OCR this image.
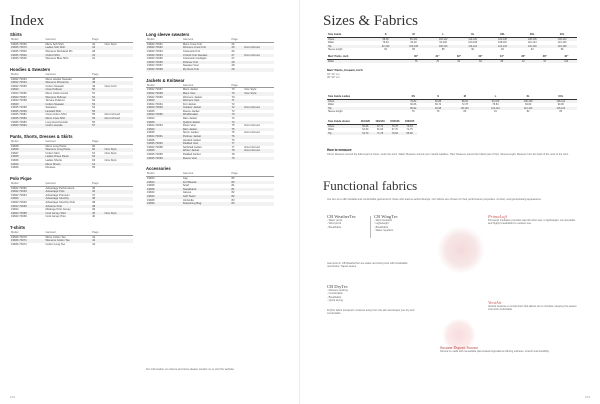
Index
Shirts
Model	Garment	Page	
19845 70060	Mens Soft Shirt	32	New Style
19845 70070	Ladies Soft Shirt	32	
19845 70500	Womens Rockland Mn	28	
19845 70520	Oxford Shirt	31	
19845 70530	Womens Blue Shirt	31	
Hoodies & Sweaters
Model	Garment	Page	
19842 70063	Mens Hoodie Sweater	48	
19842 70064	Womens Kitmanica	48	
19842 70065	Cotton Sweater	49	New Color
19843	Crew Pullover	50	
19843 70066	Mens Cotton Hood	51	
19843 70067	Womens Pullover	52	
19843 70068	Terrace Pullover	52	
19843	Cotton Sweater	53	
19845 70068	Sweaters	54	
19845 70069	Hooded Shirt	55	
19845 70681	Crew Cotton Shirt	55	Discontinued
19845 70682	Mens Crew Shirt	56	Discontinued
19845 70683	Long Hood Hoodie	56	
19843 70693	Cotton Hoodie	57	
Pants, Shorts, Dresses & Skirts
Model	Garment	Page	
19848	Mens Long Pants	60	
19849	Womens Long Pants	60	New Style
19847	Cotton Skirt	61	New Style
19845	Ladies Dress Pants	62	
19846	Ladies Shorts	63	New Style
19843	Mens Shorts	64	
19846	Dresses	65	
Polo Pique
Model	Garment	Page	
19842 70062	Advantage Performance	36	
19842 70063	Advantage Polo	36	
19842 70064	Advantage Premium	37	
19843	Advantage Stretchy	38	
19843 70063	Advantage Stretchy Polo	38	
19843 70065	Advance Polo	38	
19844	Melange Polo Jersey	39	
19843 70068	Cool Jersey Shirt	40	New Style
19843 70069	Cool Jersey Polo	40	
T-shirts
Model	Garment	Page	
19846 70070	Mens Cotton Tee	42	
19846 70071	Womens Cotton Tee	42	
19846 70072	Cotton Long Tee	42	
Long sleeve sweaters
Model	Garment	Page	
19840 70061	Mens Crew Knit	26	
19840 70062	Womens Crew Knit	26	Discontinued
19840 70063	Crewneck Knit	26	
19840 70064	V-Neck Knit Sweater	27	Discontinued
19840 70065	Crewneck Cardigan	27	
19840 70066	Pullover Knit	28	
19840 70067	Sweater Vest	28	
19840 70068	Zip Neck Knit	28	
Jackets & Knitwear
Model	Garment	Page	
19842 70067	Mens Jacket	70	New Style
19842 70068	Mens Vest	70	New Style
19842 70069	Womens Jacket	70	
19843	Womens Vest	71	
19844 70064	Knit Jacket	72	
19843 70063	Outdoor Jacket	72	Discontinued
19845	Fleece Jacket	73	
19843 70066	Windbreaker	73	
19844	Rain Jacket	74	
19845	Quilted Jacket	74	
19844 70063	Down Vest	75	Discontinued
19843	Rain Jacket	75	
19845	Storm Jacket	76	Discontinued
19844 70061	Pullover Jacket	76	
19846	Hooded Jacket	76	
19845 70063	Padded Vest	77	
19843 70068	Softshell Jacket	77	Discontinued
19845	Winter Jacket	78	Discontinued
19846 70065	Padded Jacket	78	
19845 70069	Fleece Vest	79	
Accessories
Model	Garment	Page	
19843	Cap	80	
19844	Knit Beanie	80	
19845	Scarf	81	
19846	Sweatband	81	
19843	Gloves	82	
19844	Golf Towel	82	
19845	Umbrella	83	
19846	Drawstring Bag	83	
For information on colours and sizes please contact us or visit the website.
102
Sizes & Fabrics
Size Guide	S	M	L	XL	XXL	3XL	4XL
Chest	88-96	96-104	104-112	112-120	120-128	128-136	136-144
Waist	76-84	84-92	92-100	100-108	108-116	116-124	124-132
Hip	92-100	100-108	108-116	116-124	124-132	132-140	140-148
Sleeve length	84	86	88	90	92	94	96
Men' Pants, inch	30"	31"	32"	33"	34"	36"	38"	40"
Waist	76	79	81	84	86	91	97	102
Men' Pants, Inseam, inch
32" 34" cm
30" 32" cm
Size Guide Ladies	XS	S	M	L	XL	XXL
Chest	76-82	82-88	88-94	94-100	100-106	106-112
Waist	60-66	66-72	72-78	78-84	84-90	90-96
Hip	86-92	92-98	98-104	104-110	110-116	116-122
Sleeve length	78	79	80	81	82	83
Size Guide Junior	110/120	130/140	150/160	160/165
Chest	60-66	67-74	75-78	79-83
Waist	54-60	61-66	67-70	71-75
Hip	64-70	71-78	79-84	85-90
How to measure
Chest: Measure around the fullest part of chest, under the arms. Waist: Measure around your natural waistline. Hips: Measure around the fullest part of hips. Sleeve length: Measure from the back of the neck to the wrist.
Functional fabrics
Our aim is to offer durable and comfortable garments for those who lead an active lifestyle. Our fabrics are chosen for their performance properties, comfort, and good-looking appearance.
CB WeatherTec
- Water proof
- Wind proof
- Breathable
CB WingTec
- Wind resistant
- Lightweight
- Breathable
- Water repellent
Garments in CB WeatherTec are water and wind proof with breathable membrane. Taped seams.
CB DryTec
- Moisture wicking
- Comfortable
- Breathable
- Quick drying
DryTec fabric transports moisture away from the skin and keeps you dry and comfortable.
PrimaLoft
PrimaLoft insulation provides warmth when wet, is lightweight, compressible and highly breathable for outdoor use.
VentAir
VentAir features a construction that allows air to circulate, keeping the wearer cool and comfortable.
Sustane Dupont Sorona
Sorona is made with renewable plant-based ingredients offering softness, stretch and durability.
103
